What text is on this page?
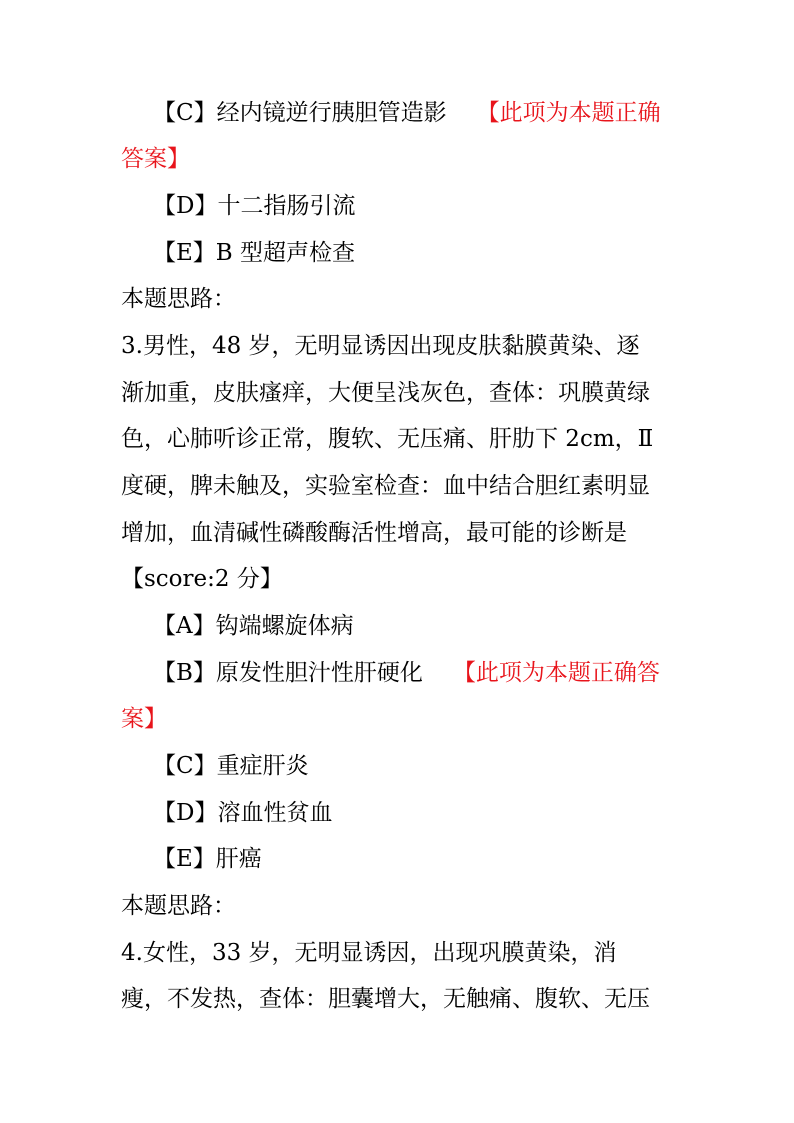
【C】经内镜逆行胰胆管造影 【此项为本题正确
答案】
【D】十二指肠引流
【E】B 型超声检查
本题思路：
3.男性，48 岁，无明显诱因出现皮肤黏膜黄染、逐
渐加重，皮肤瘙痒，大便呈浅灰色，查体：巩膜黄绿
色，心肺听诊正常，腹软、无压痛、肝肋下 2cm，Ⅱ
度硬，脾未触及，实验室检查：血中结合胆红素明显
增加，血清碱性磷酸酶活性增高，最可能的诊断是
【score:2 分】
【A】钩端螺旋体病
【B】原发性胆汁性肝硬化 【此项为本题正确答
案】
【C】重症肝炎
【D】溶血性贫血
【E】肝癌
本题思路：
4.女性，33 岁，无明显诱因，出现巩膜黄染，消
瘦，不发热，查体：胆囊增大，无触痛、腹软、无压
